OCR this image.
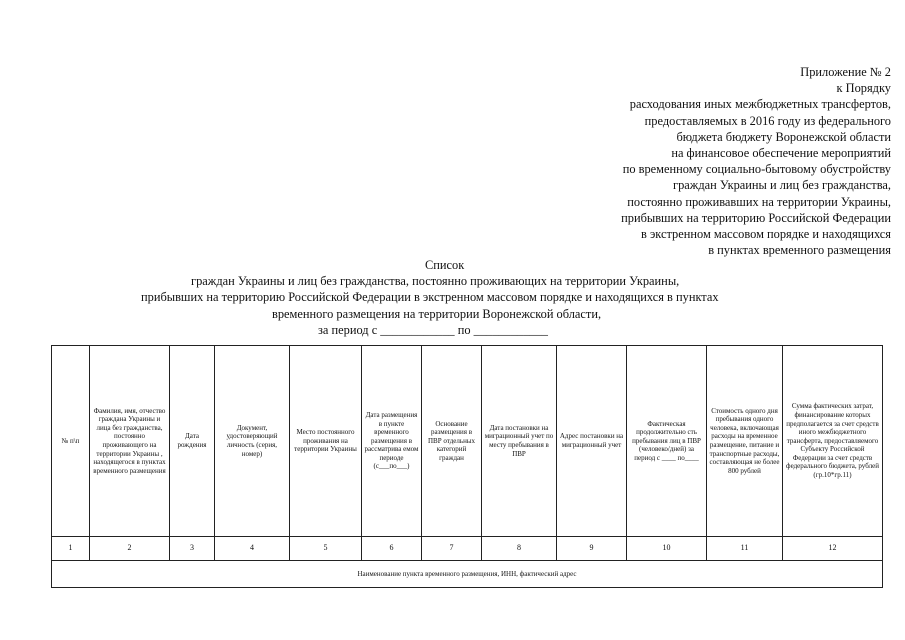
Приложение № 2
к Порядку
расходования иных межбюджетных трансфертов,
предоставляемых в 2016 году из федерального
бюджета бюджету Воронежской области
на финансовое обеспечение мероприятий
по временному социально-бытовому обустройству
граждан Украины и лиц без гражданства,
постоянно проживавших на территории Украины,
прибывших на территорию Российской Федерации
в экстренном массовом порядке и находящихся
в пунктах временного размещения
Список
граждан Украины и лиц без гражданства, постоянно проживающих на территории Украины,
прибывших на территорию Российской Федерации в экстренном массовом порядке и находящихся в пунктах
временного размещения на территории Воронежской области,
за период с ____________ по ____________
№ п\п	Фамилия, имя, отчество граждана Украины и лица без гражданства, постоянно проживающего на территории Украины , находящегося в пунктах временного размещения	Дата рождения	Документ, удостоверяющий личность (серия, номер)	Место постоянного проживания на территории Украины	Дата размещения в пункте временного размещения в рассматрива емом периоде (с___по___)	Основание размещения в ПВР отдельных категорий граждан	Дата постановки на миграционный учет по месту пребывания в ПВР	Адрес постановки на миграционный учет	Фактическая продолжительно сть пребывания лиц в ПВР (человеко/дней) за период с ____ по____	Стоимость одного дня пребывания одного человека, включающая расходы на временное размещение, питание и транспортные расходы, составляющая не более 800 рублей	Сумма фактических затрат, финансирование которых предполагается за счет средств иного межбюджетного трансферта, предоставляемого Субъекту Российской Федерации за счет средств федерального бюджета, рублей (гр.10*гр.11)
1	2	3	4	5	6	7	8	9	10	11	12
Наименование пункта временного размещения, ИНН, фактический адрес											
